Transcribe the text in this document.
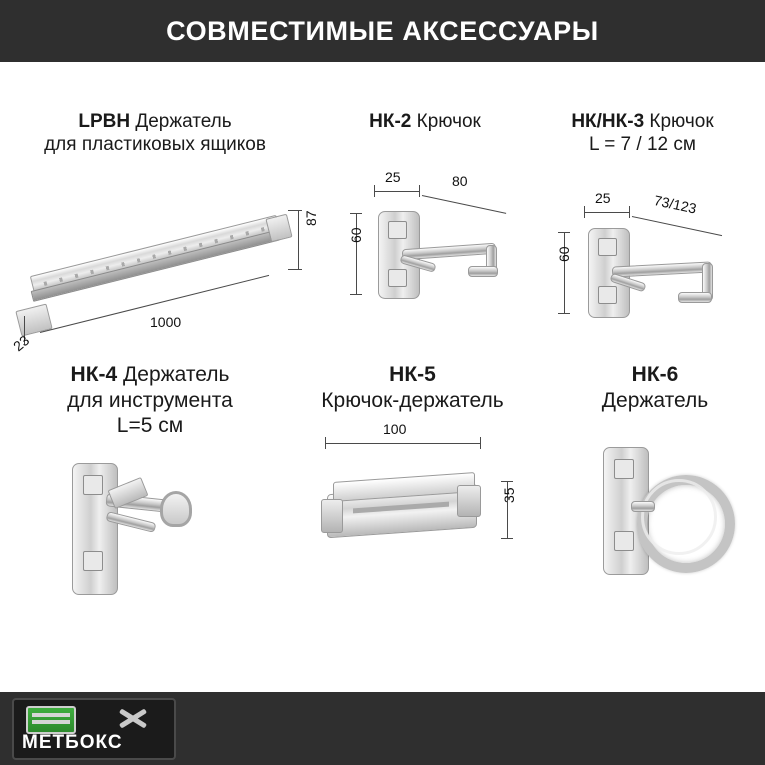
СОВМЕСТИМЫЕ АКСЕССУАРЫ
LPBH Держатель
для пластиковых ящиков
87
1000
23
НК-2 Крючок
25	80
60
НК/НК-3 Крючок
L = 7 / 12 см
25	73/123
60
НК-4 Держатель
для инструмента
L=5 см
НК-5
Крючок-держатель
100
35
НК-6
Держатель
МЕТБОКС
